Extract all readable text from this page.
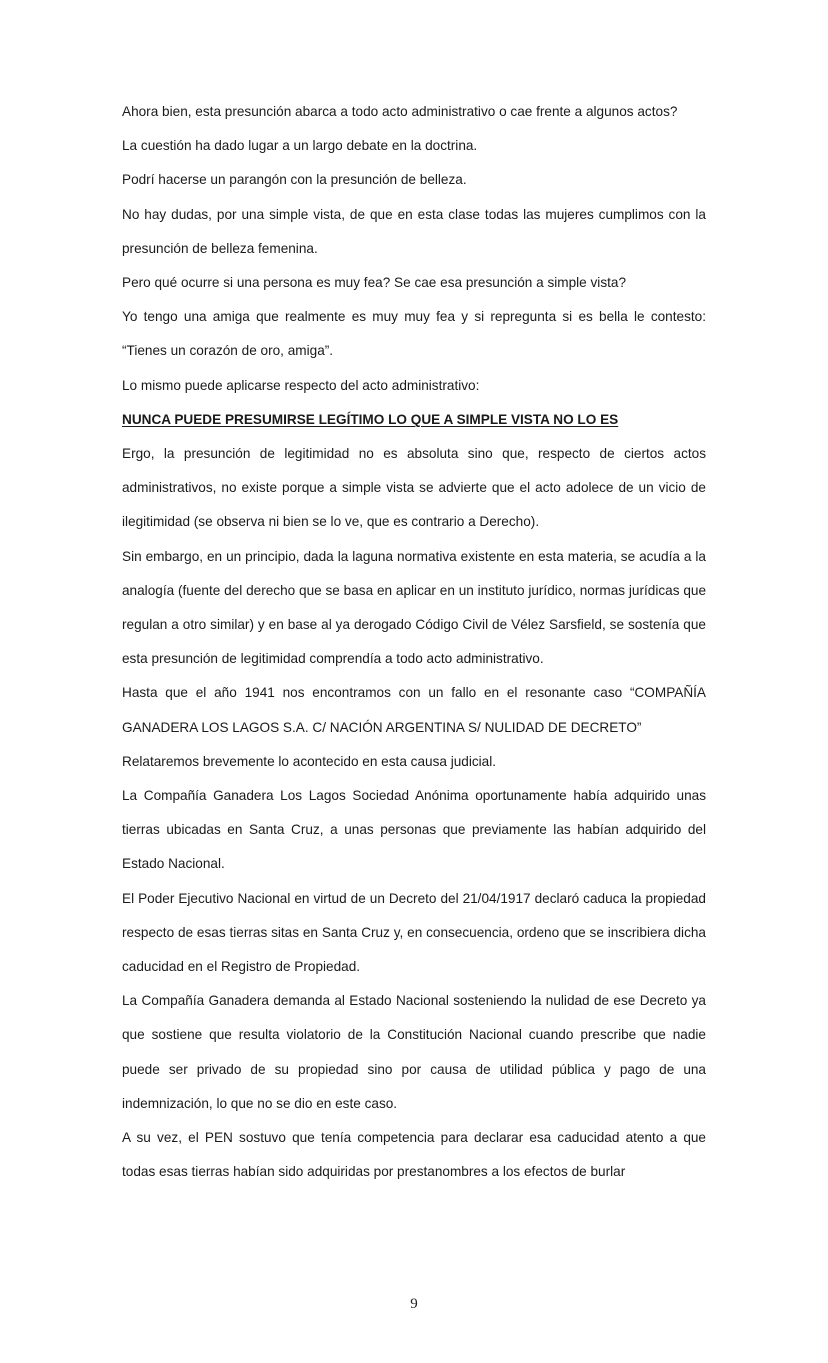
Ahora bien, esta presunción abarca a todo acto administrativo o cae frente a algunos actos?

La cuestión ha dado lugar a un largo debate en la doctrina.

Podrí hacerse un parangón con la presunción de belleza.

No hay dudas, por una simple vista, de que en esta clase todas las mujeres cumplimos con la presunción de belleza femenina.

Pero qué ocurre si una persona es muy fea? Se cae esa presunción a simple vista?

Yo tengo una amiga que realmente es muy muy fea y si repregunta si es bella le contesto: “Tienes un corazón de oro, amiga”.

Lo mismo puede aplicarse respecto del acto administrativo:

NUNCA PUEDE PRESUMIRSE LEGÍTIMO LO QUE A SIMPLE VISTA NO LO ES

Ergo, la presunción de legitimidad no es absoluta sino que, respecto de ciertos actos administrativos, no existe porque a simple vista se advierte que el acto adolece de un vicio de ilegitimidad (se observa ni bien se lo ve, que es contrario a Derecho).

Sin embargo, en un principio, dada la laguna normativa existente en esta materia, se acudía a la analogía (fuente del derecho que se basa en aplicar en un instituto jurídico, normas jurídicas que regulan a otro similar) y en base al ya derogado Código Civil de Vélez Sarsfield, se sostenía que esta presunción de legitimidad comprendía a todo acto administrativo.

Hasta que el año 1941 nos encontramos con un fallo en el resonante caso “COMPAÑÍA GANADERA LOS LAGOS S.A. C/ NACIÓN ARGENTINA S/ NULIDAD DE DECRETO”

Relataremos brevemente lo acontecido en esta causa judicial.

La Compañía Ganadera Los Lagos Sociedad Anónima oportunamente había adquirido unas tierras ubicadas en Santa Cruz, a unas personas que previamente las habían adquirido del Estado Nacional.

El Poder Ejecutivo Nacional en virtud de un Decreto del 21/04/1917 declaró caduca la propiedad respecto de esas tierras sitas en Santa Cruz y, en consecuencia, ordeno que se inscribiera dicha caducidad en el Registro de Propiedad.

La Compañía Ganadera demanda al Estado Nacional sosteniendo la nulidad de ese Decreto ya que sostiene que resulta violatorio de la Constitución Nacional cuando prescribe que nadie puede ser privado de su propiedad sino por causa de utilidad pública y pago de una indemnización, lo que no se dio en este caso.

A su vez, el PEN sostuvo que tenía competencia para declarar esa caducidad atento a que todas esas tierras habían sido adquiridas por prestanombres a los efectos de burlar

9
